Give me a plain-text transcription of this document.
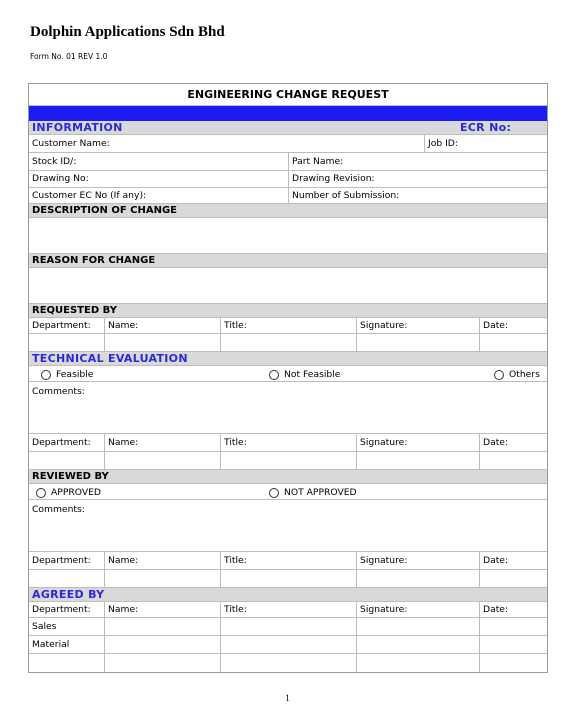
Dolphin Applications Sdn Bhd
Form No. 01 REV 1.0
ENGINEERING CHANGE REQUEST
INFORMATION	ECR No:
Customer Name:	Job ID:
Stock ID/:	Part Name:
Drawing No:	Drawing Revision:
Customer EC No (If any):	Number of Submission:
DESCRIPTION OF CHANGE
REASON FOR CHANGE
REQUESTED BY
Department:	Name:	Title:	Signature:	Date:
TECHNICAL EVALUATION
Feasible	Not Feasible	Others
Comments:
Department:	Name:	Title:	Signature:	Date:
REVIEWED BY
APPROVED	NOT APPROVED
Comments:
Department:	Name:	Title:	Signature:	Date:
AGREED BY
Department:	Name:	Title:	Signature:	Date:
Sales
Material
1
